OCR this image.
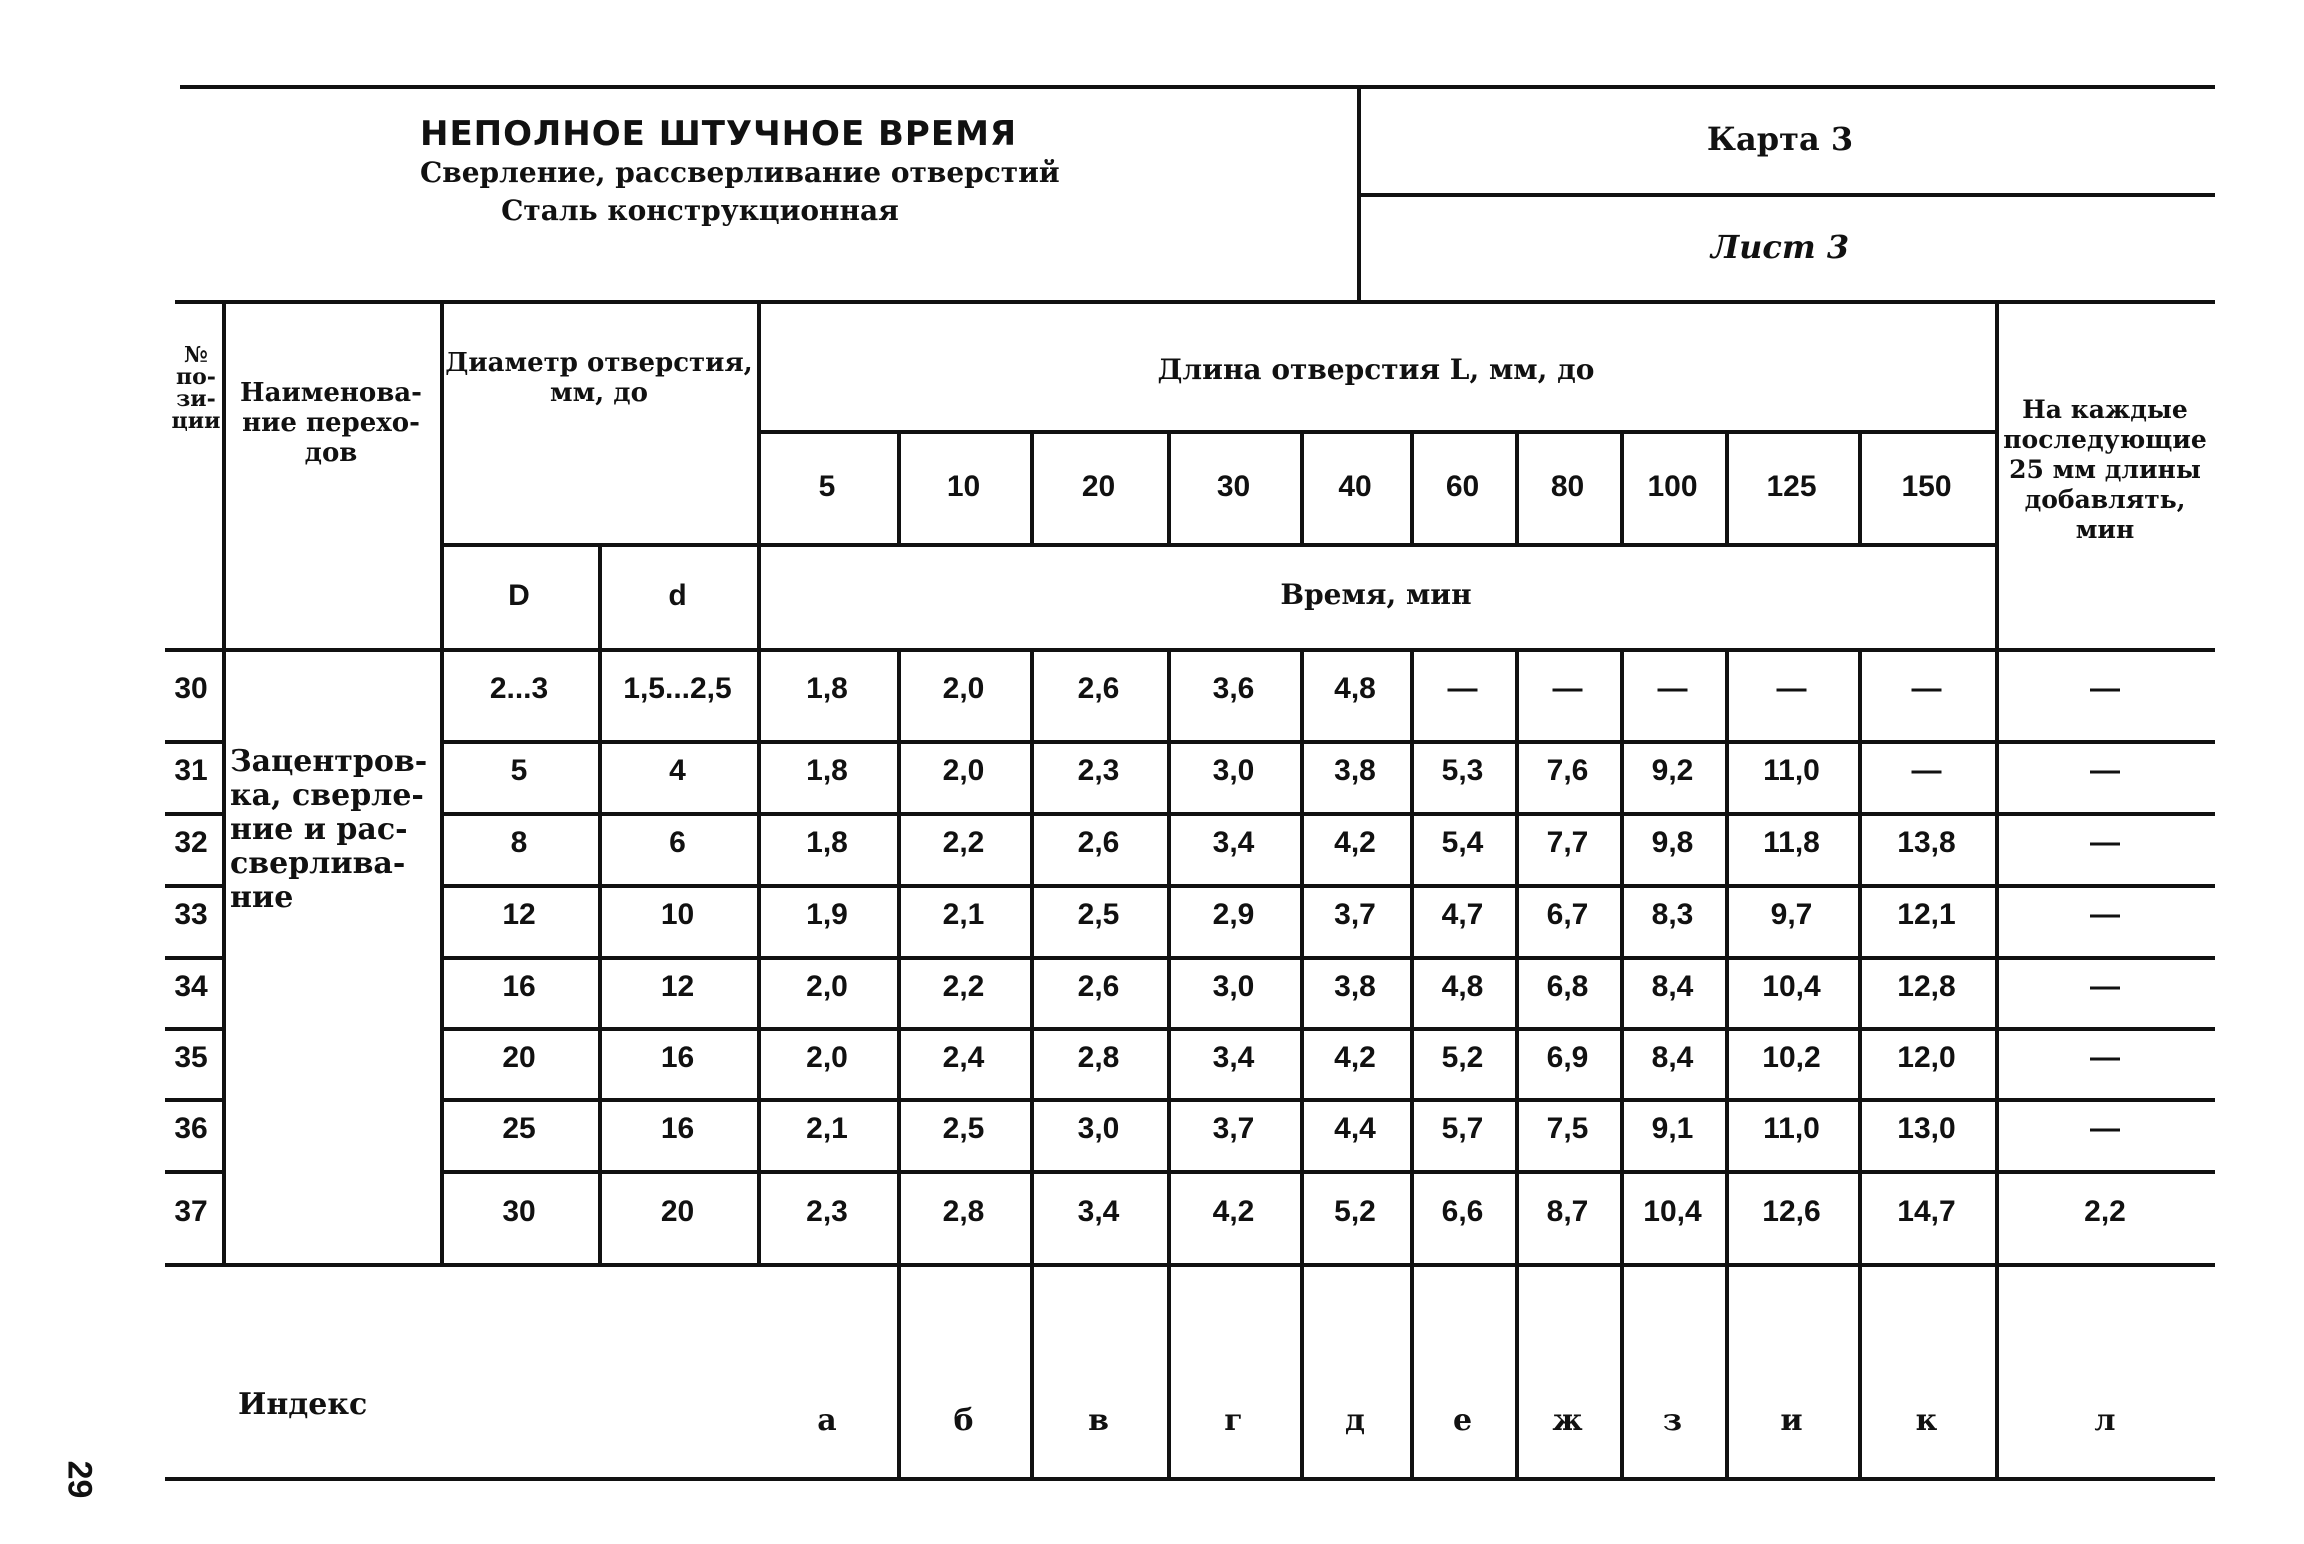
НЕПОЛНОЕ ШТУЧНОЕ ВРЕМЯ
Сверление, рассверливание отверстий
Сталь конструкционная
Карта 3
Лист 3
№ по-зи-ции
Наименова-ние перехо-дов
Диаметр отверстия, мм, до
D	d
Длина отверстия L, мм, до
5	10	20	30	40	60	80	100	125	150
Время, мин
На каждые последующие 25 мм длины добавлять, мин
30	2...3	1,5...2,5	1,8	2,0	2,6	3,6	4,8	—	—	—	—	—	—
31	5	4	1,8	2,0	2,3	3,0	3,8	5,3	7,6	9,2	11,0	—	—
32	8	6	1,8	2,2	2,6	3,4	4,2	5,4	7,7	9,8	11,8	13,8	—
33	12	10	1,9	2,1	2,5	2,9	3,7	4,7	6,7	8,3	9,7	12,1	—
34	16	12	2,0	2,2	2,6	3,0	3,8	4,8	6,8	8,4	10,4	12,8	—
35	20	16	2,0	2,4	2,8	3,4	4,2	5,2	6,9	8,4	10,2	12,0	—
36	25	16	2,1	2,5	3,0	3,7	4,4	5,7	7,5	9,1	11,0	13,0	—
37	30	20	2,3	2,8	3,4	4,2	5,2	6,6	8,7	10,4	12,6	14,7	2,2
Зацентров-ка, сверле-ние и рас-сверлива-ние
Индекс	а	б	в	г	д	е	ж	з	и	к	л
29
